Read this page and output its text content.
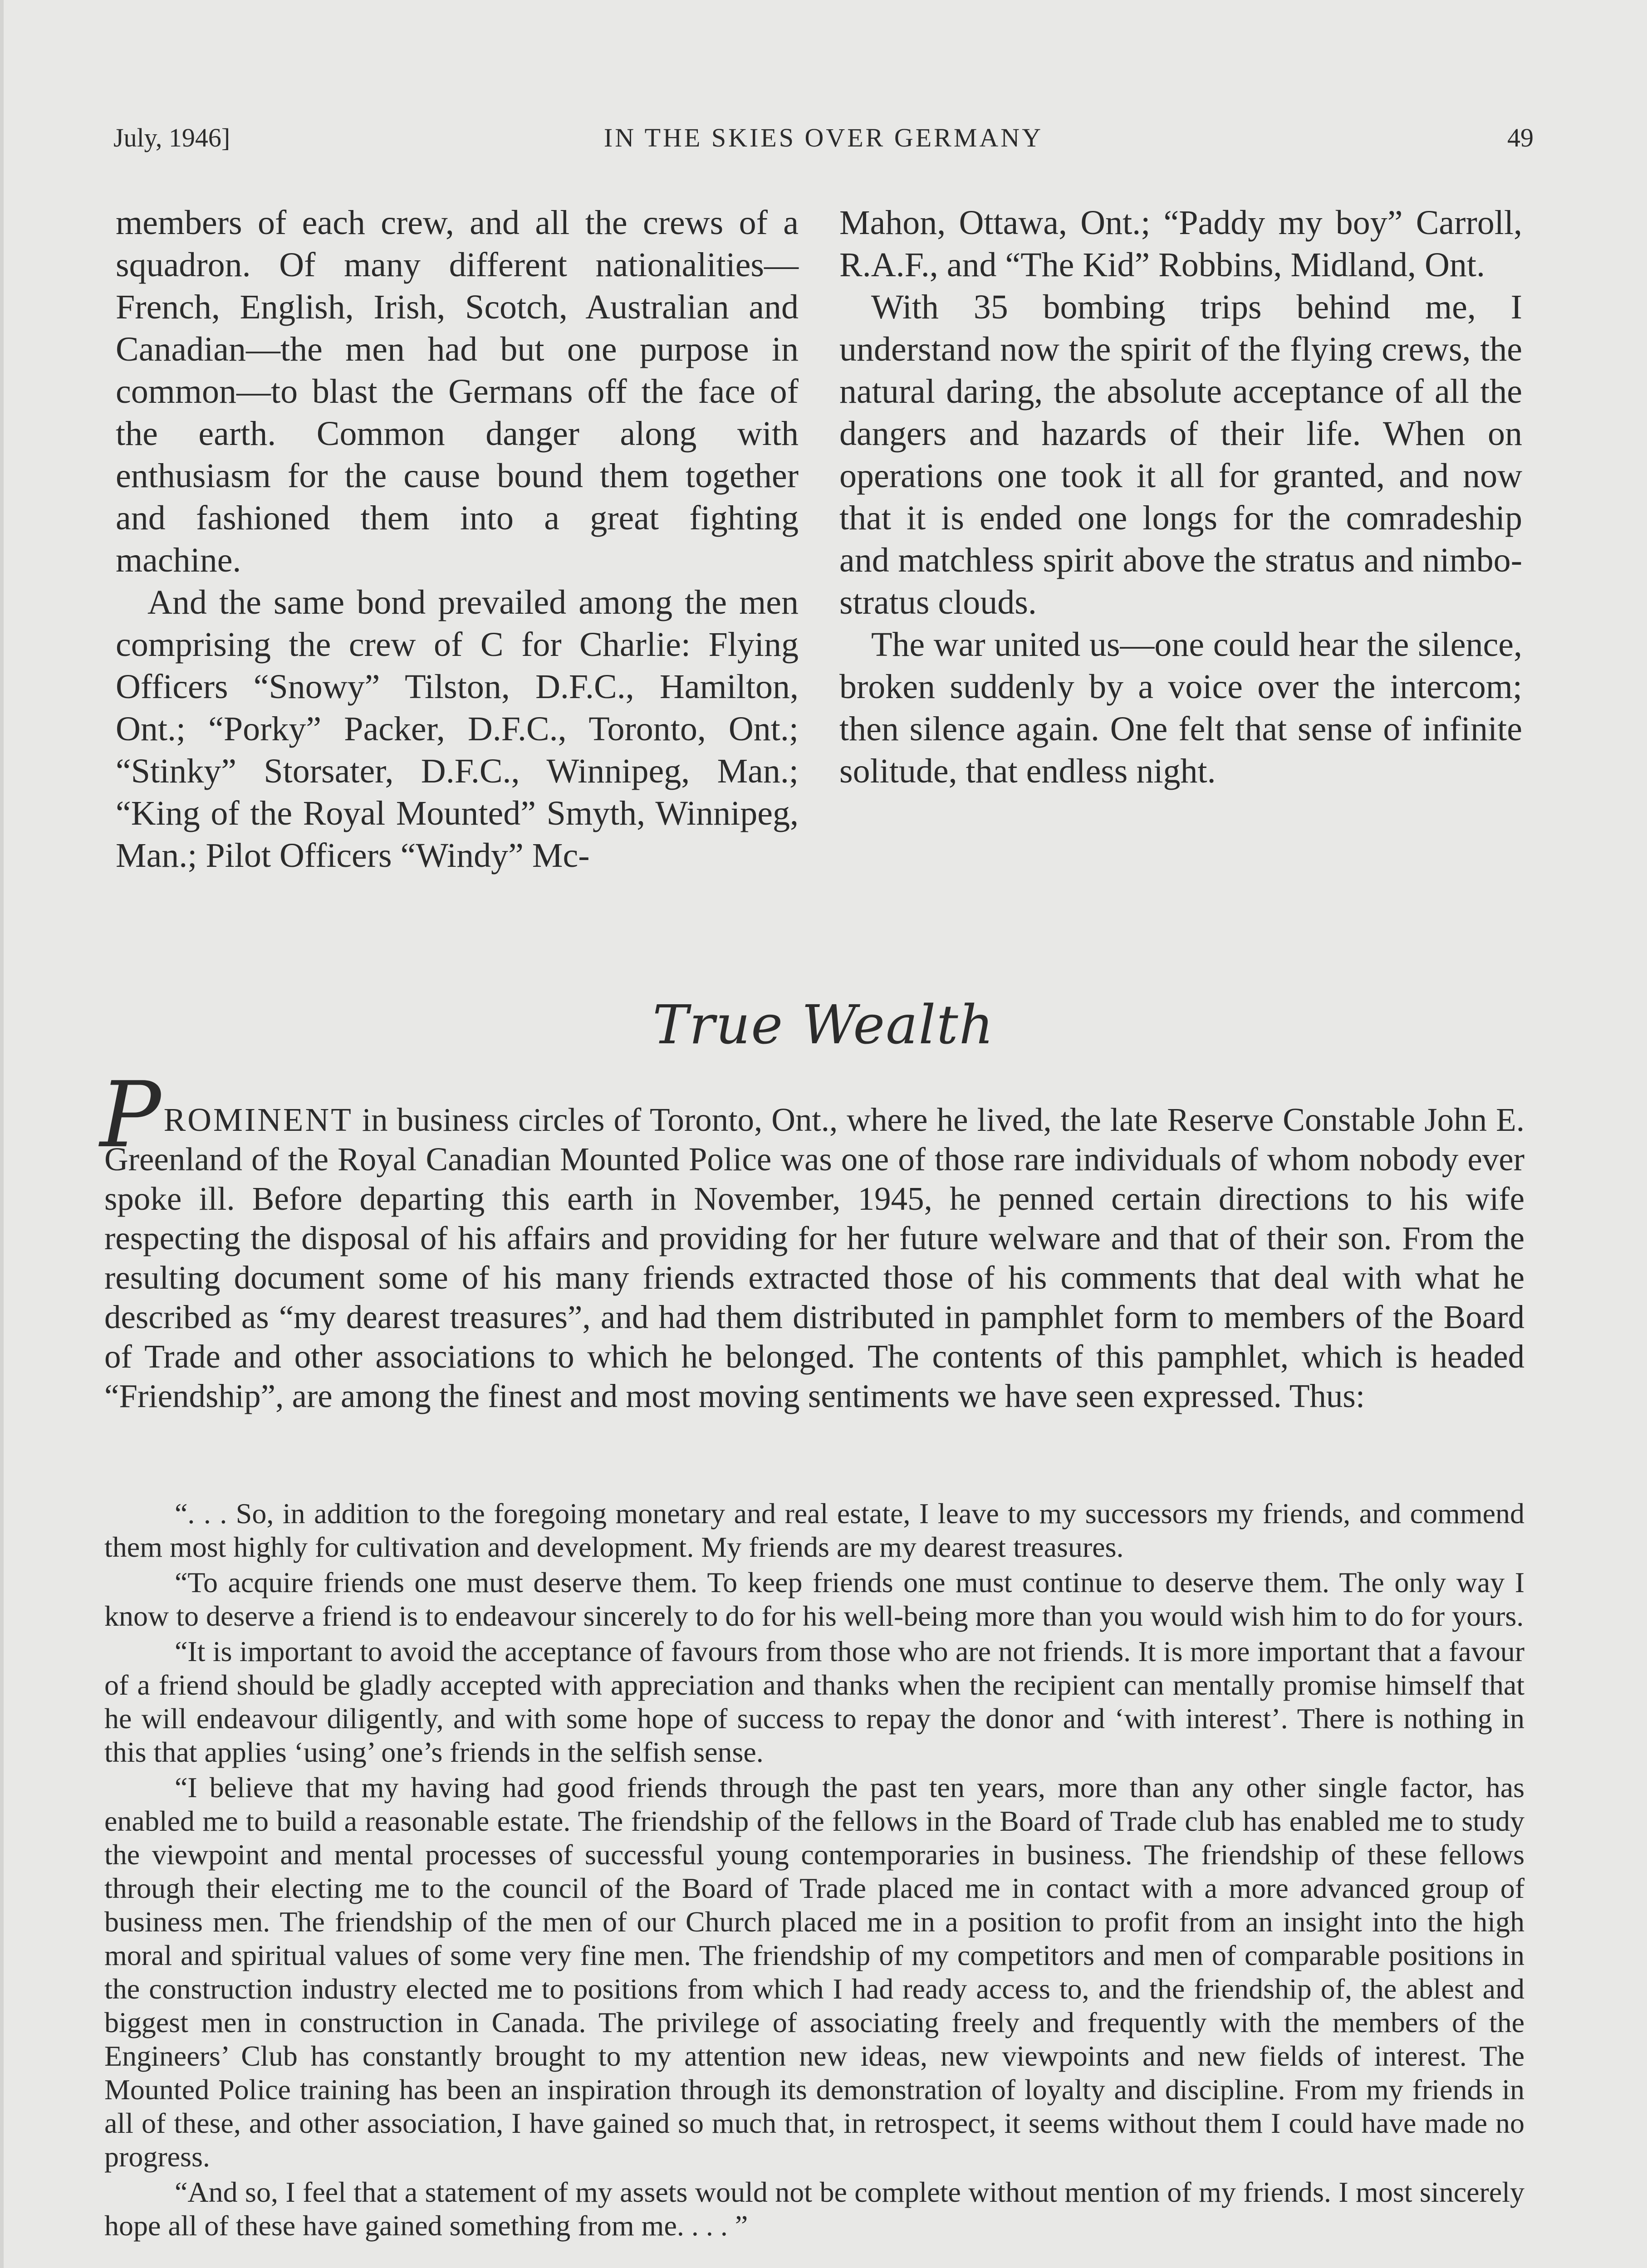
July, 1946]	IN THE SKIES OVER GERMANY	49

members of each crew, and all the crews of a squadron. Of many different nationalities—French, English, Irish, Scotch, Australian and Canadian—the men had but one purpose in common—to blast the Germans off the face of the earth. Common danger along with enthusiasm for the cause bound them together and fashioned them into a great fighting machine.

And the same bond prevailed among the men comprising the crew of C for Charlie: Flying Officers “Snowy” Tilston, D.F.C., Hamilton, Ont.; “Porky” Packer, D.F.C., Toronto, Ont.; “Stinky” Storsater, D.F.C., Winnipeg, Man.; “King of the Royal Mounted” Smyth, Winnipeg, Man.; Pilot Officers “Windy” Mc-

Mahon, Ottawa, Ont.; “Paddy my boy” Carroll, R.A.F., and “The Kid” Robbins, Midland, Ont.

With 35 bombing trips behind me, I understand now the spirit of the flying crews, the natural daring, the absolute acceptance of all the dangers and hazards of their life. When on operations one took it all for granted, and now that it is ended one longs for the comradeship and matchless spirit above the stratus and nimbostratus clouds.

The war united us—one could hear the silence, broken suddenly by a voice over the intercom; then silence again. One felt that sense of infinite solitude, that endless night.

True Wealth

PROMINENT in business circles of Toronto, Ont., where he lived, the late Reserve Constable John E. Greenland of the Royal Canadian Mounted Police was one of those rare individuals of whom nobody ever spoke ill. Before departing this earth in November, 1945, he penned certain directions to his wife respecting the disposal of his affairs and providing for her future welware and that of their son. From the resulting document some of his many friends extracted those of his comments that deal with what he described as “my dearest treasures”, and had them distributed in pamphlet form to members of the Board of Trade and other associations to which he belonged. The contents of this pamphlet, which is headed “Friendship”, are among the finest and most moving sentiments we have seen expressed. Thus:

“. . . So, in addition to the foregoing monetary and real estate, I leave to my successors my friends, and commend them most highly for cultivation and development. My friends are my dearest treasures.

“To acquire friends one must deserve them. To keep friends one must continue to deserve them. The only way I know to deserve a friend is to endeavour sincerely to do for his well-being more than you would wish him to do for yours.

“It is important to avoid the acceptance of favours from those who are not friends. It is more important that a favour of a friend should be gladly accepted with appreciation and thanks when the recipient can mentally promise himself that he will endeavour diligently, and with some hope of success to repay the donor and ‘with interest’. There is nothing in this that applies ‘using’ one’s friends in the selfish sense.

“I believe that my having had good friends through the past ten years, more than any other single factor, has enabled me to build a reasonable estate. The friendship of the fellows in the Board of Trade club has enabled me to study the viewpoint and mental processes of successful young contemporaries in business. The friendship of these fellows through their electing me to the council of the Board of Trade placed me in contact with a more advanced group of business men. The friendship of the men of our Church placed me in a position to profit from an insight into the high moral and spiritual values of some very fine men. The friendship of my competitors and men of comparable positions in the construction industry elected me to positions from which I had ready access to, and the friendship of, the ablest and biggest men in construction in Canada. The privilege of associating freely and frequently with the members of the Engineers’ Club has constantly brought to my attention new ideas, new viewpoints and new fields of interest. The Mounted Police training has been an inspiration through its demonstration of loyalty and discipline. From my friends in all of these, and other association, I have gained so much that, in retrospect, it seems without them I could have made no progress.

“And so, I feel that a statement of my assets would not be complete without mention of my friends. I most sincerely hope all of these have gained something from me. . . . ”
